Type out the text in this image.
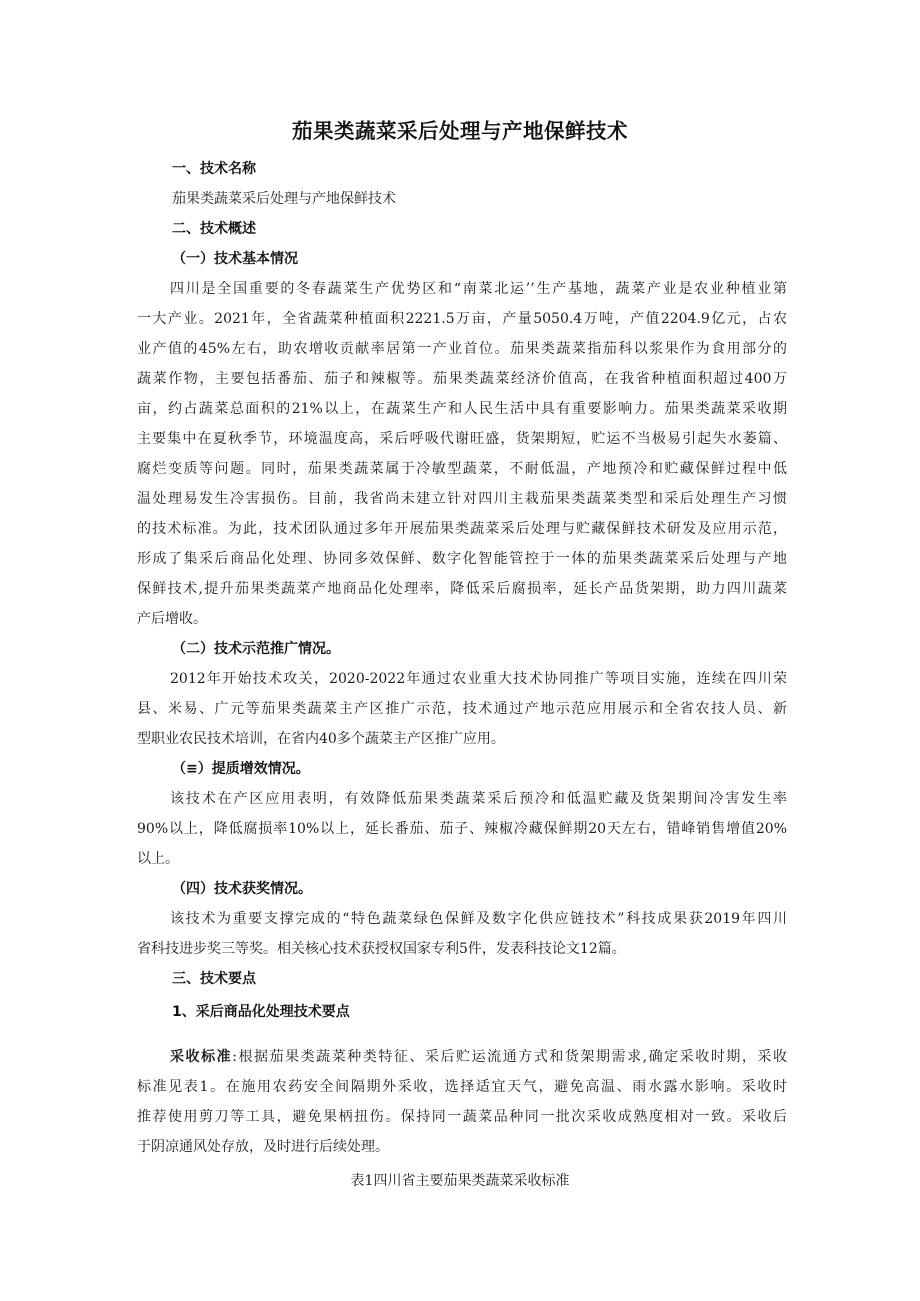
茄果类蔬菜采后处理与产地保鲜技术
一、技术名称
茄果类蔬菜采后处理与产地保鲜技术
二、技术概述
（一）技术基本情况
四川是全国重要的冬春蔬菜生产优势区和“南菜北运’’生产基地，蔬菜产业是农业种植业第
一大产业。2021年，全省蔬菜种植面积2221.5万亩，产量5050.4万吨，产值2204.9亿元，占农
业产值的45%左右，助农增收贡献率居第一产业首位。茄果类蔬菜指茄科以浆果作为食用部分的
蔬菜作物，主要包括番茄、茄子和辣椒等。茄果类蔬菜经济价值高，在我省种植面积超过400万
亩，约占蔬菜总面积的21%以上，在蔬菜生产和人民生活中具有重要影响力。茄果类蔬菜采收期
主要集中在夏秋季节，环境温度高，采后呼吸代谢旺盛，货架期短，贮运不当极易引起失水萎篇、
腐烂变质等问题。同时，茄果类蔬菜属于冷敏型蔬菜，不耐低温，产地预冷和贮藏保鲜过程中低
温处理易发生冷害损伤。目前，我省尚未建立针对四川主栽茄果类蔬菜类型和采后处理生产习惯
的技术标准。为此，技术团队通过多年开展茄果类蔬菜采后处理与贮藏保鲜技术研发及应用示范，
形成了集采后商品化处理、协同多效保鲜、数字化智能管控于一体的茄果类蔬菜采后处理与产地
保鲜技术,提升茄果类蔬菜产地商品化处理率，降低采后腐损率，延长产品货架期，助力四川蔬菜
产后增收。
（二）技术示范推广情况。
2012年开始技术攻关，2020-2022年通过农业重大技术协同推广等项目实施，连续在四川荣
县、米易、广元等茄果类蔬菜主产区推广示范，技术通过产地示范应用展示和全省农技人员、新
型职业农民技术培训，在省内40多个蔬菜主产区推广应用。
（≡）提质增效情况。
该技术在产区应用表明，有效降低茄果类蔬菜采后预冷和低温贮藏及货架期间冷害发生率
90%以上，降低腐损率10%以上，延长番茄、茄子、辣椒冷藏保鲜期20天左右，错峰销售增值20%
以上。
（四）技术获奖情况。
该技术为重要支撑完成的“特色蔬菜绿色保鲜及数字化供应链技术”科技成果获2019年四川
省科技进步奖三等奖。相关核心技术获授权国家专利5件，发表科技论文12篇。
三、技术要点
1、采后商品化处理技术要点
采收标准:根据茄果类蔬菜种类特征、采后贮运流通方式和货架期需求,确定采收时期，采收
标准见表1。在施用农药安全间隔期外采收，选择适宜天气，避免高温、雨水露水影响。采收时
推荐使用剪刀等工具，避免果柄扭伤。保持同一蔬菜品种同一批次采收成熟度相对一致。采收后
于阴凉通风处存放，及时进行后续处理。
表1四川省主要茄果类蔬菜采收标准
